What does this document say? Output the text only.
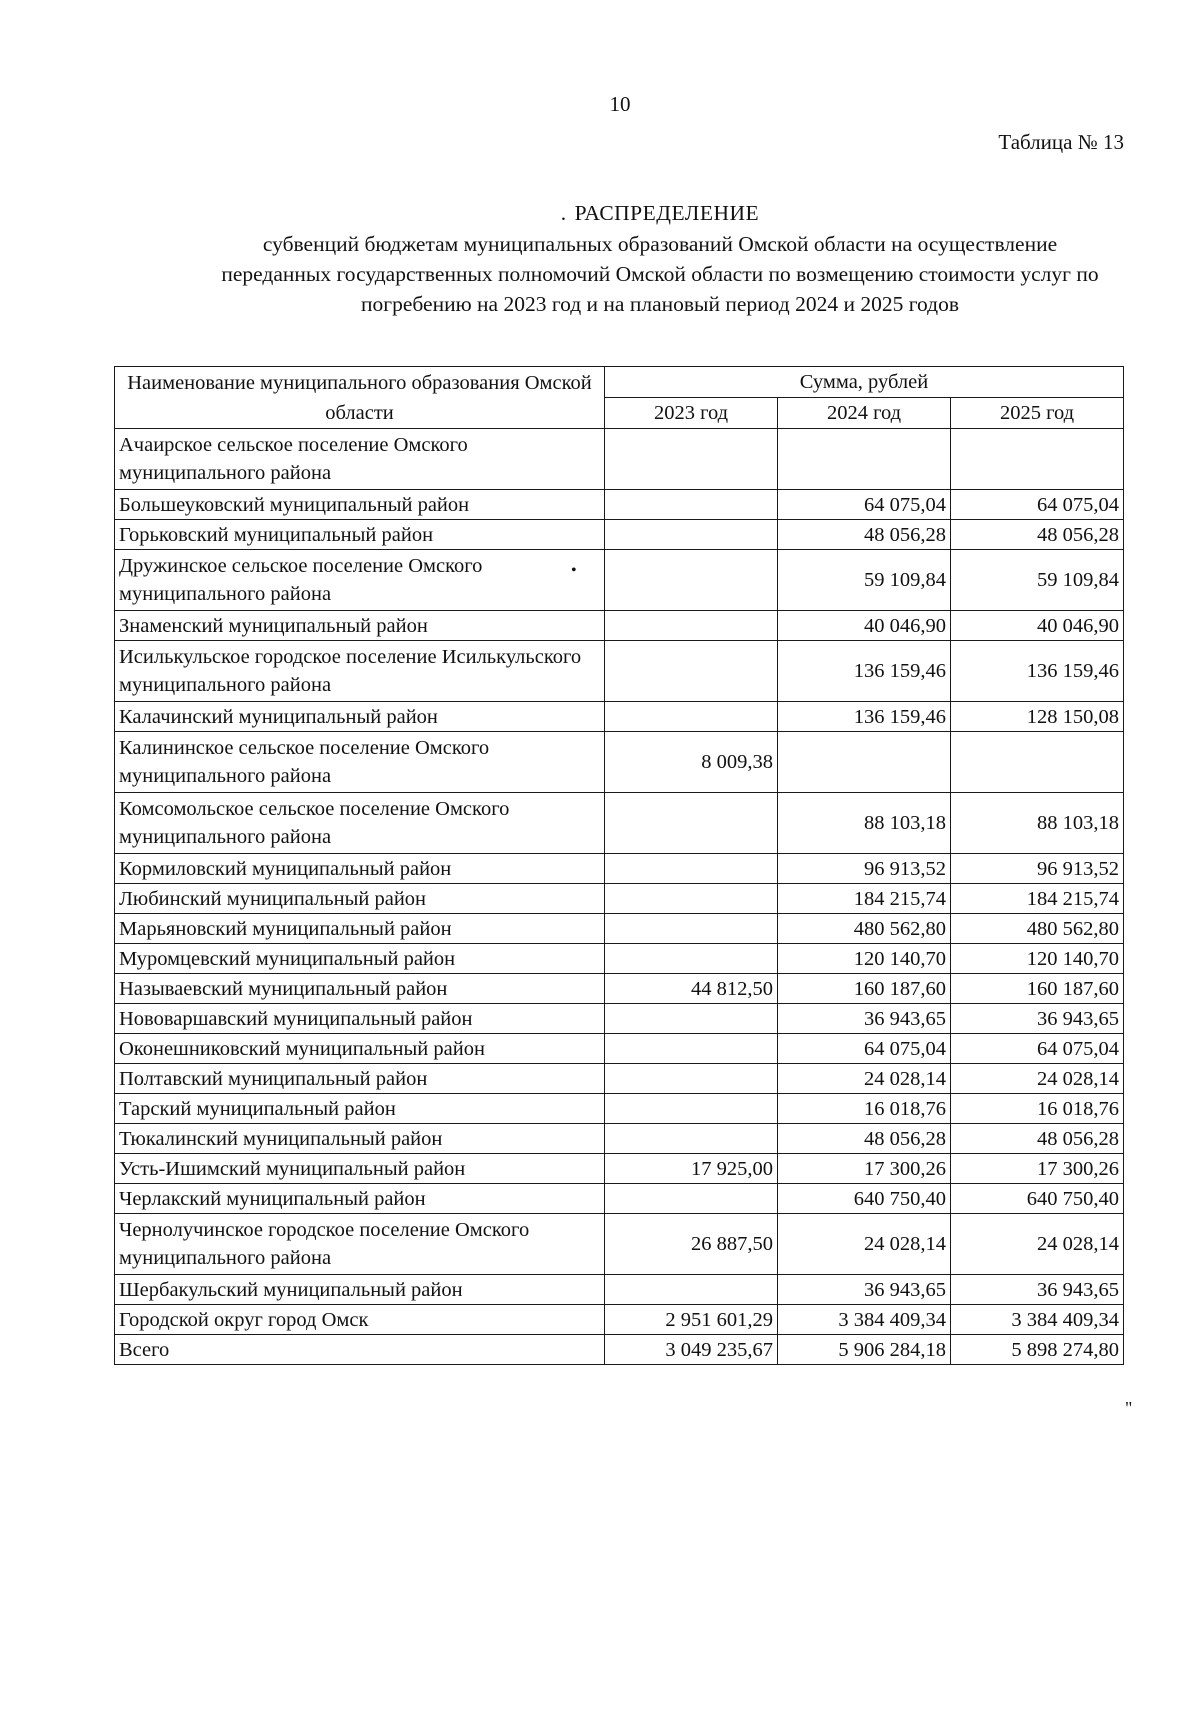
10
Таблица № 13
. РАСПРЕДЕЛЕНИЕ
субвенций бюджетам муниципальных образований Омской области на осуществление
переданных государственных полномочий Омской области по возмещению стоимости услуг по
погребению на 2023 год и на плановый период 2024 и 2025 годов
Наименование муниципального образования Омской области	Сумма, рублей		
	2023 год	2024 год	2025 год
Ачаирское сельское поселение Омского муниципального района			
Большеуковский муниципальный район		64 075,04	64 075,04
Горьковский муниципальный район		48 056,28	48 056,28
Дружинское сельское поселение Омского муниципального района		59 109,84	59 109,84
Знаменский муниципальный район		40 046,90	40 046,90
Исилькульское городское поселение Исилькульского муниципального района		136 159,46	136 159,46
Калачинский муниципальный район		136 159,46	128 150,08
Калининское сельское поселение Омского муниципального района	8 009,38		
Комсомольское сельское поселение Омского муниципального района		88 103,18	88 103,18
Кормиловский муниципальный район		96 913,52	96 913,52
Любинский муниципальный район		184 215,74	184 215,74
Марьяновский муниципальный район		480 562,80	480 562,80
Муромцевский муниципальный район		120 140,70	120 140,70
Называевский муниципальный район	44 812,50	160 187,60	160 187,60
Нововаршавский муниципальный район		36 943,65	36 943,65
Оконешниковский муниципальный район		64 075,04	64 075,04
Полтавский муниципальный район		24 028,14	24 028,14
Тарский муниципальный район		16 018,76	16 018,76
Тюкалинский муниципальный район		48 056,28	48 056,28
Усть-Ишимский муниципальный район	17 925,00	17 300,26	17 300,26
Черлакский муниципальный район		640 750,40	640 750,40
Чернолучинское городское поселение Омского муниципального района	26 887,50	24 028,14	24 028,14
Шербакульский муниципальный район		36 943,65	36 943,65
Городской округ город Омск	2 951 601,29	3 384 409,34	3 384 409,34
Всего	3 049 235,67	5 906 284,18	5 898 274,80
•
"
